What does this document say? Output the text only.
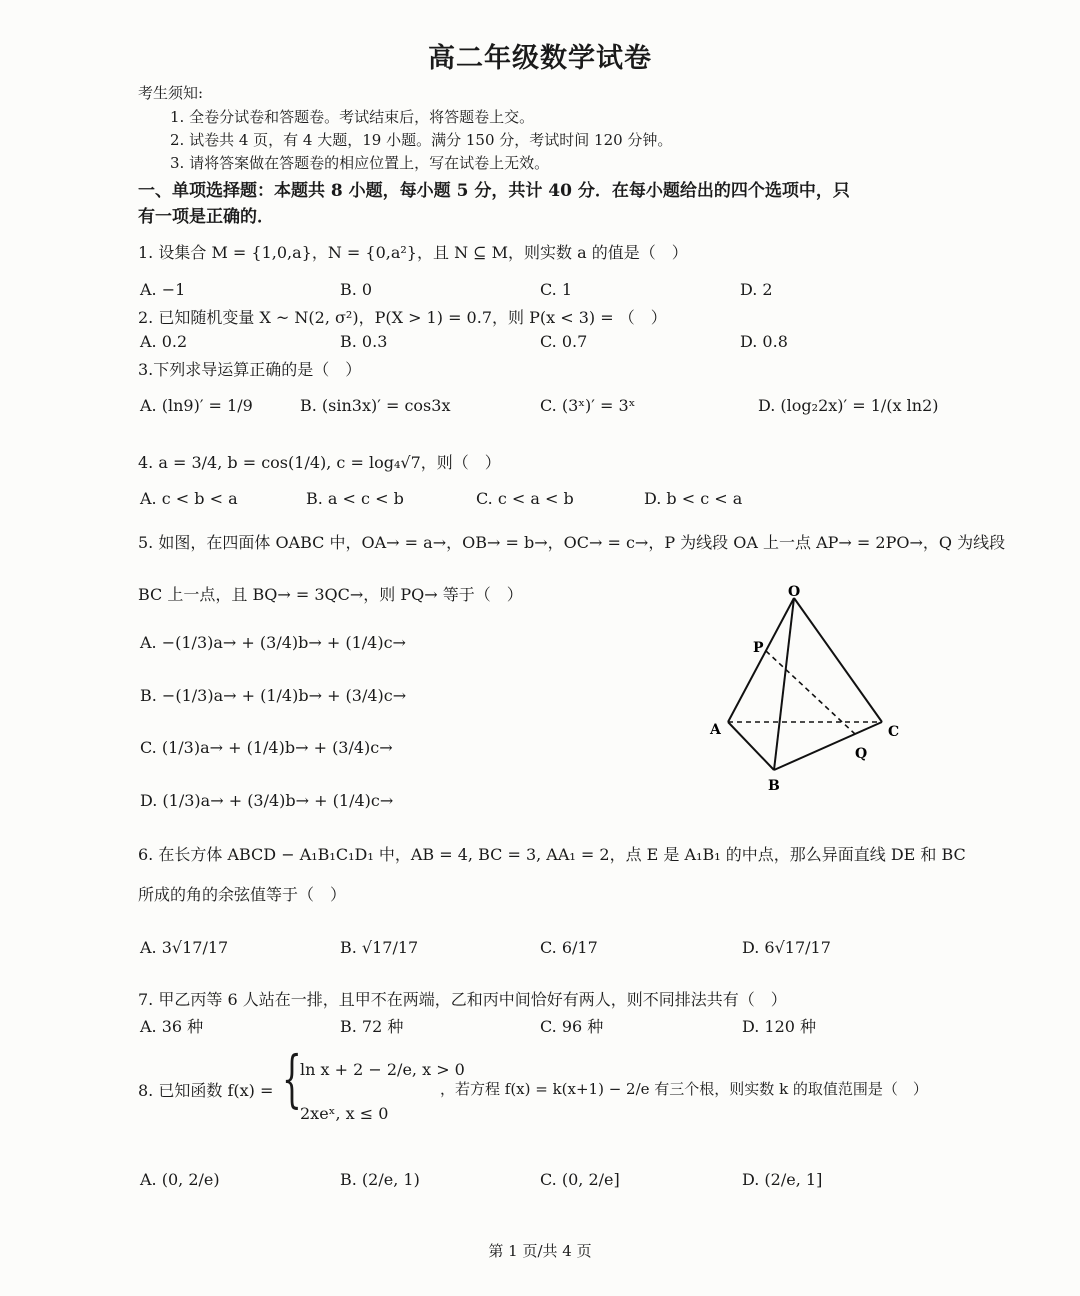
高二年级数学试卷
考生须知:
1. 全卷分试卷和答题卷。考试结束后，将答题卷上交。
2. 试卷共 4 页，有 4 大题，19 小题。满分 150 分，考试时间 120 分钟。
3. 请将答案做在答题卷的相应位置上，写在试卷上无效。
一、单项选择题：本题共 8 小题，每小题 5 分，共计 40 分．在每小题给出的四个选项中，只
有一项是正确的．
1. 设集合 M = {1,0,a}，N = {0,a²}，且 N ⊆ M，则实数 a 的值是（　）
A. −1	B. 0	C. 1	D. 2
2. 已知随机变量 X ~ N(2, σ²)，P(X > 1) = 0.7，则 P(x < 3) = （　）
A. 0.2	B. 0.3	C. 0.7	D. 0.8
3.下列求导运算正确的是（　）
A. (ln9)′ = 1/9	B. (sin3x)′ = cos3x	C. (3ˣ)′ = 3ˣ	D. (log₂2x)′ = 1/(x ln2)
4. a = 3/4, b = cos(1/4), c = log₄√7，则（　）
A. c < b < a	B. a < c < b	C. c < a < b	D. b < c < a
5. 如图，在四面体 OABC 中，OA→ = a→，OB→ = b→，OC→ = c→，P 为线段 OA 上一点 AP→ = 2PO→，Q 为线段
BC 上一点，且 BQ→ = 3QC→，则 PQ→ 等于（　）
A. −(1/3)a→ + (3/4)b→ + (1/4)c→
B. −(1/3)a→ + (1/4)b→ + (3/4)c→
C. (1/3)a→ + (1/4)b→ + (3/4)c→
D. (1/3)a→ + (3/4)b→ + (1/4)c→
O
P
A
B
C
Q
6. 在长方体 ABCD − A₁B₁C₁D₁ 中，AB = 4, BC = 3, AA₁ = 2，点 E 是 A₁B₁ 的中点，那么异面直线 DE 和 BC
所成的角的余弦值等于（　）
A. 3√17/17	B. √17/17	C. 6/17	D. 6√17/17
7. 甲乙丙等 6 人站在一排，且甲不在两端，乙和丙中间恰好有两人，则不同排法共有（　）
A. 36 种	B. 72 种	C. 96 种	D. 120 种
8. 已知函数 f(x) = {
ln x + 2 − 2/e, x > 0
2xeˣ, x ≤ 0
，若方程 f(x) = k(x+1) − 2/e 有三个根，则实数 k 的取值范围是（　）
A. (0, 2/e)	B. (2/e, 1)	C. (0, 2/e]	D. (2/e, 1]
第 1 页/共 4 页
